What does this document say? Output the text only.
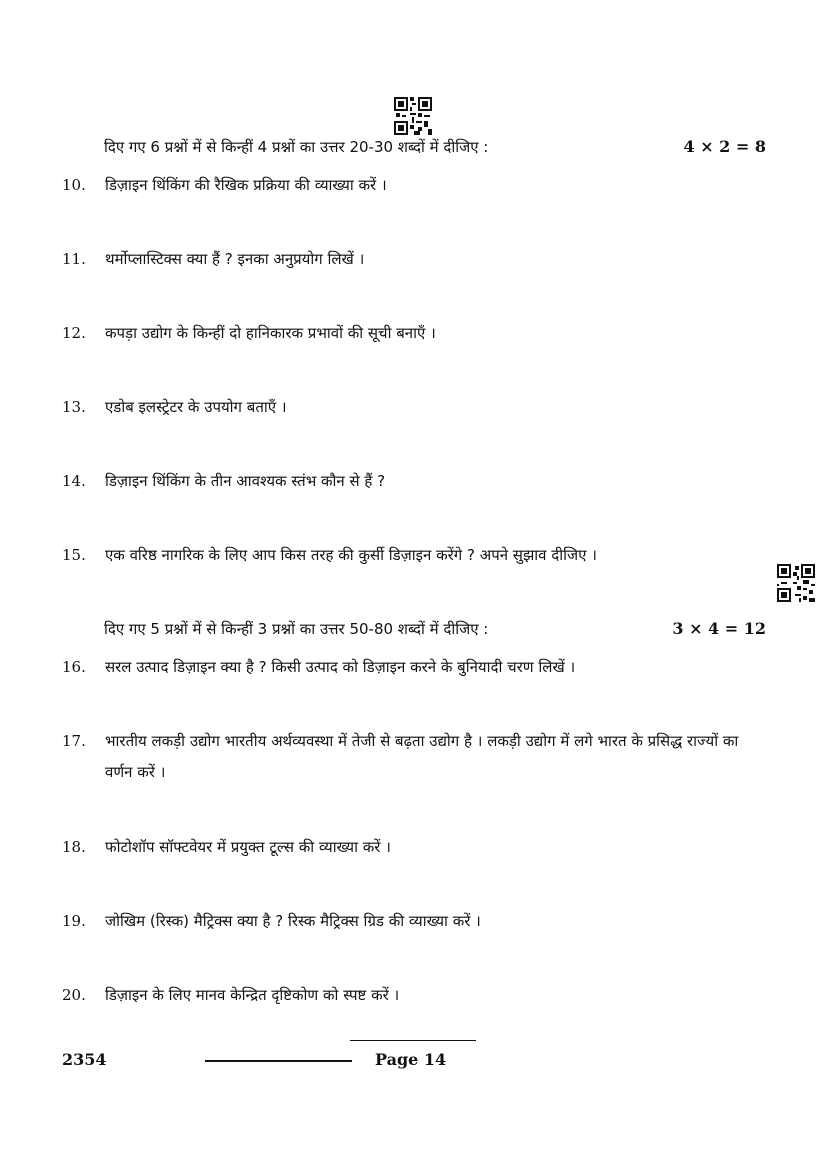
दिए गए 6 प्रश्नों में से किन्हीं 4 प्रश्नों का उत्तर 20-30 शब्दों में दीजिए :	4 × 2 = 8
10.	डिज़ाइन थिंकिंग की रैखिक प्रक्रिया की व्याख्या करें ।
11.	थर्मोप्लास्टिक्स क्या हैं ? इनका अनुप्रयोग लिखें ।
12.	कपड़ा उद्योग के किन्हीं दो हानिकारक प्रभावों की सूची बनाएँ ।
13.	एडोब इलस्ट्रेटर के उपयोग बताएँ ।
14.	डिज़ाइन थिंकिंग के तीन आवश्यक स्तंभ कौन से हैं ?
15.	एक वरिष्ठ नागरिक के लिए आप किस तरह की कुर्सी डिज़ाइन करेंगे ? अपने सुझाव दीजिए ।
दिए गए 5 प्रश्नों में से किन्हीं 3 प्रश्नों का उत्तर 50-80 शब्दों में दीजिए :	3 × 4 = 12
16.	सरल उत्पाद डिज़ाइन क्या है ? किसी उत्पाद को डिज़ाइन करने के बुनियादी चरण लिखें ।
17.	भारतीय लकड़ी उद्योग भारतीय अर्थव्यवस्था में तेजी से बढ़ता उद्योग है । लकड़ी उद्योग में लगे भारत के प्रसिद्ध राज्यों का वर्णन करें ।
18.	फोटोशॉप सॉफ्टवेयर में प्रयुक्त टूल्स की व्याख्या करें ।
19.	जोखिम (रिस्क) मैट्रिक्स क्या है ? रिस्क मैट्रिक्स ग्रिड की व्याख्या करें ।
20.	डिज़ाइन के लिए मानव केन्द्रित दृष्टिकोण को स्पष्ट करें ।
2354	Page 14
